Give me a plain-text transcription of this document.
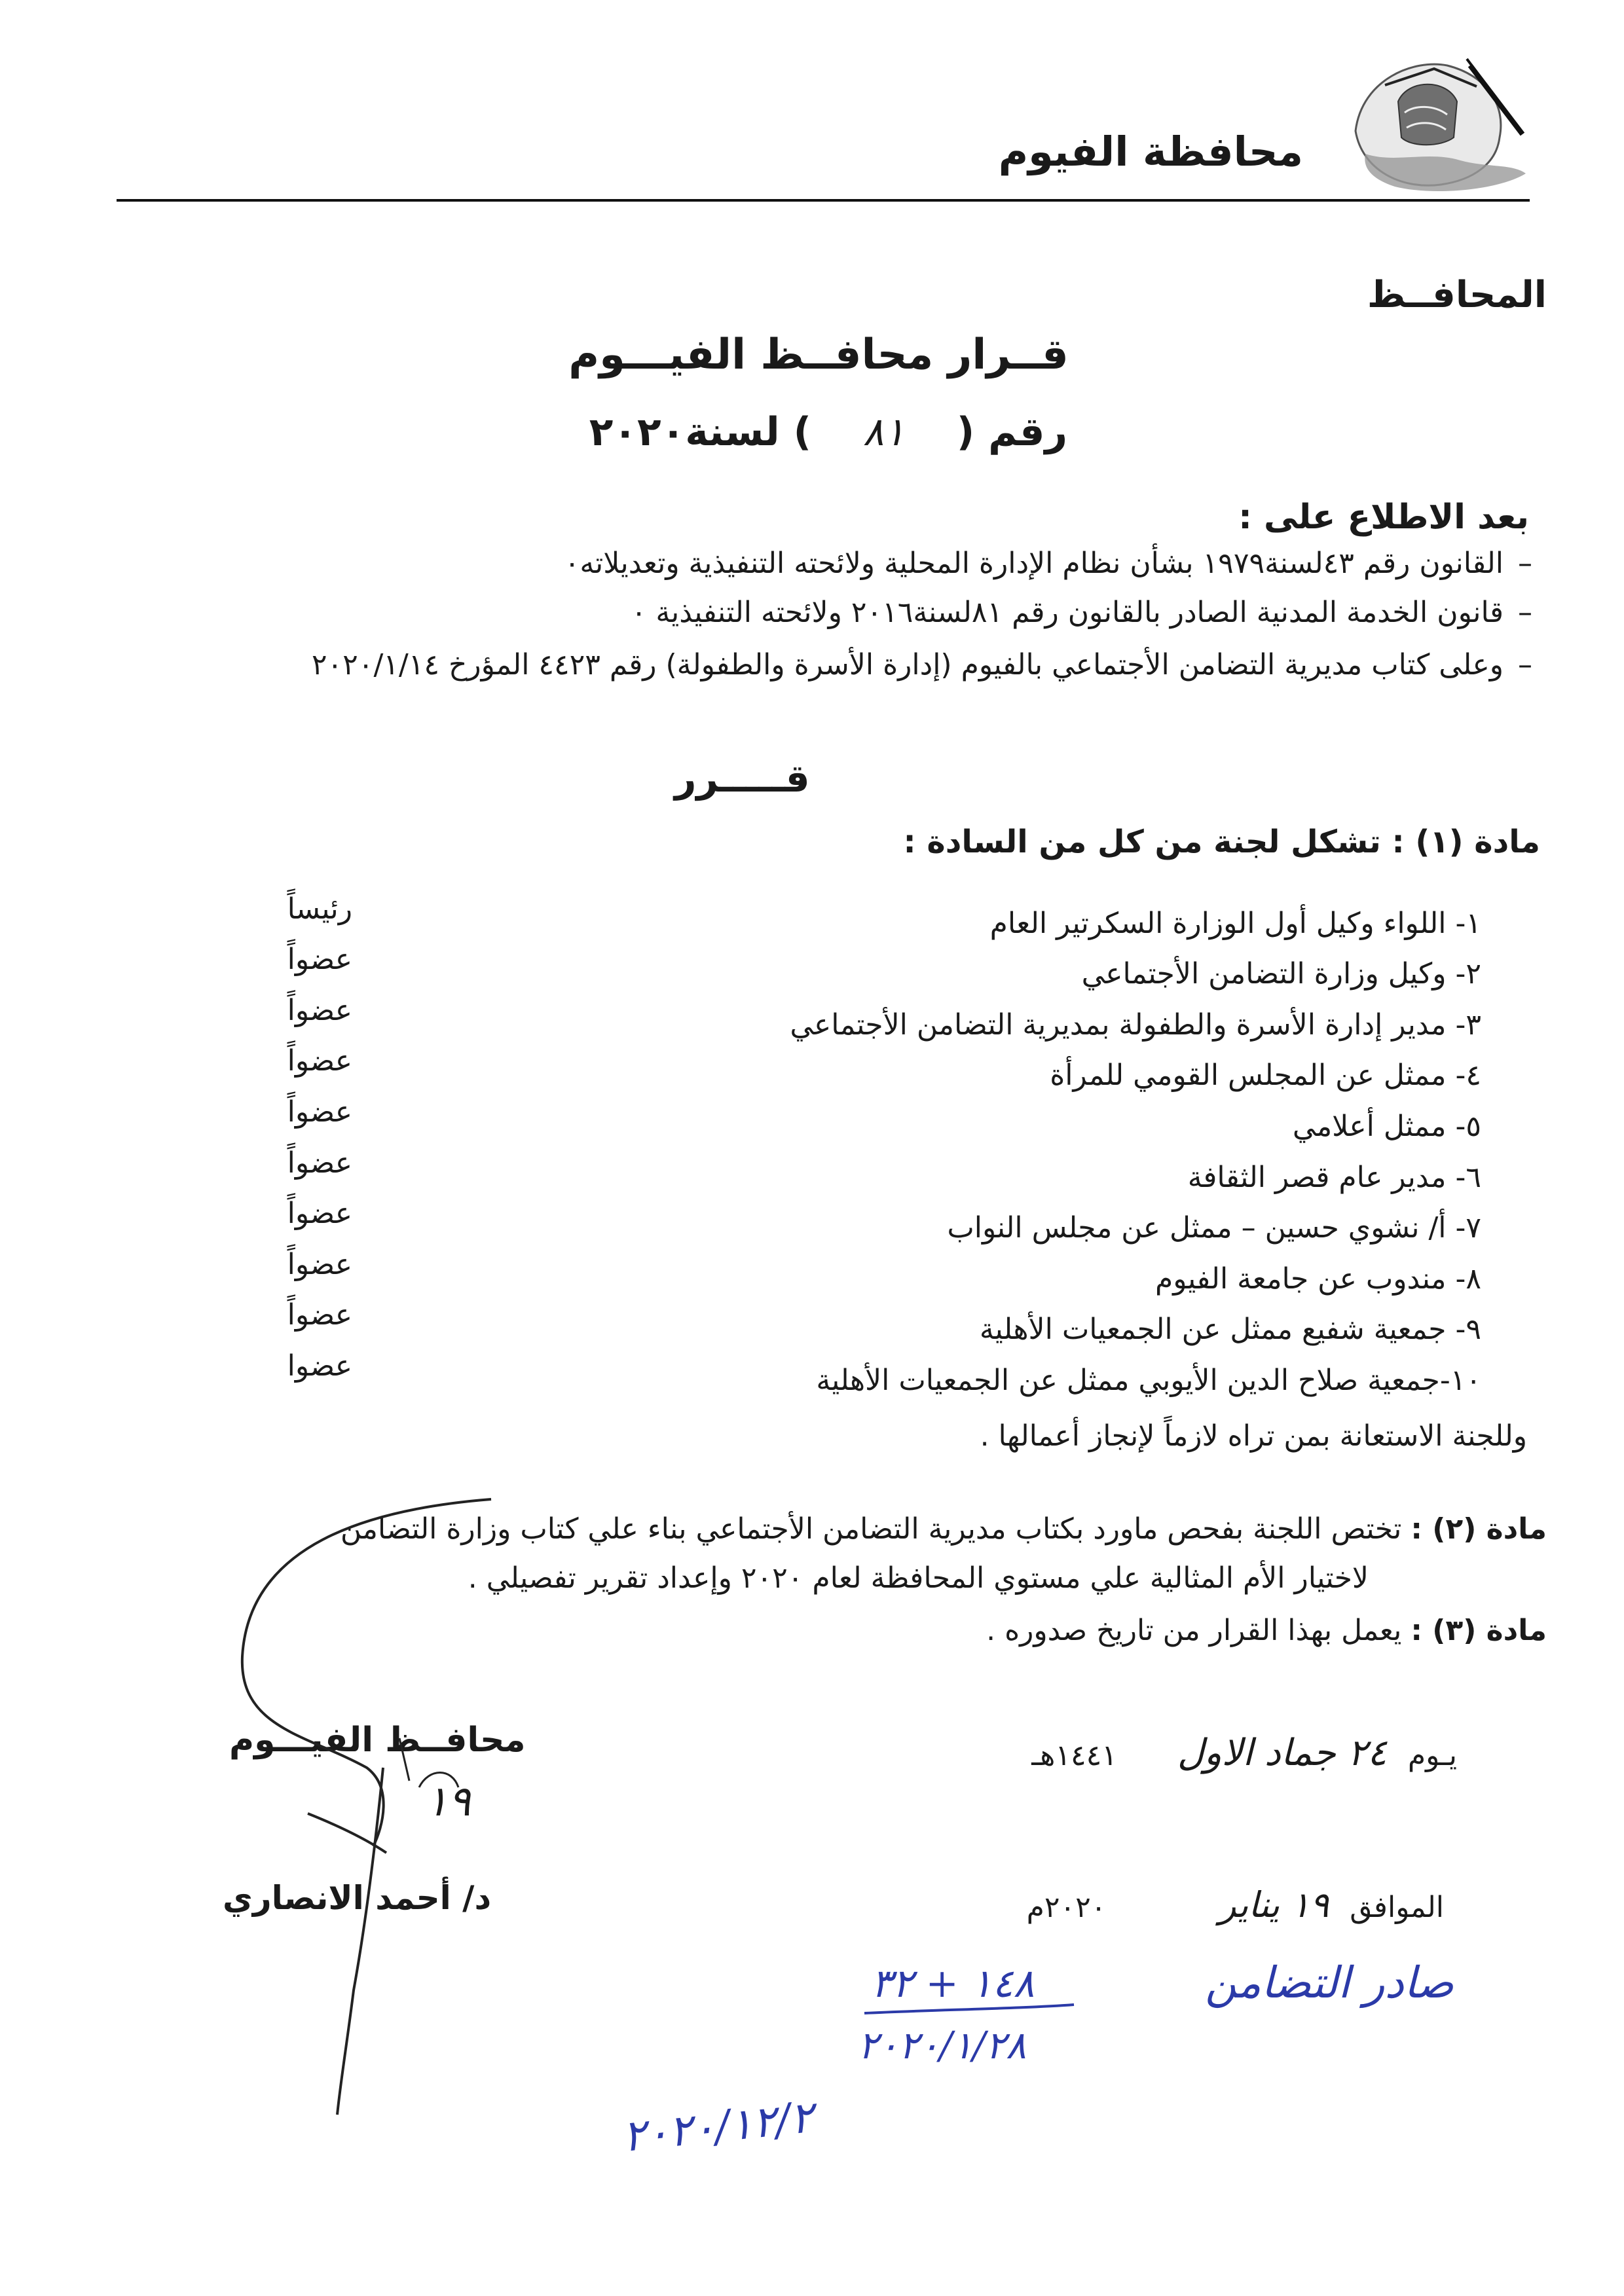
محافظة الفيوم
المحافــظ
قــرار محافــظ الفيـــوم
رقم ( ٨١ ) لسنة٢٠٢٠
بعد الاطلاع على :
–القانون رقم ٤٣لسنة١٩٧٩ بشأن نظام الإدارة المحلية ولائحته التنفيذية وتعديلاته٠
–قانون الخدمة المدنية الصادر بالقانون رقم ٨١لسنة٢٠١٦ ولائحته التنفيذية ٠
–وعلى كتاب مديرية التضامن الأجتماعي بالفيوم (إدارة الأسرة والطفولة) رقم ٤٤٢٣ المؤرخ ٢٠٢٠/١/١٤
قـــــرر
مادة (١) : تشكل لجنة من كل من السادة :
١- اللواء وكيل أول الوزارة السكرتير العام
رئيساً
٢- وكيل وزارة التضامن الأجتماعي
عضواً
٣- مدير إدارة الأسرة والطفولة بمديرية التضامن الأجتماعي
عضواً
٤- ممثل عن المجلس القومي للمرأة
عضواً
٥- ممثل أعلامي
عضواً
٦- مدير عام قصر الثقافة
عضواً
٧- أ/ نشوي حسين – ممثل عن مجلس النواب
عضواً
٨- مندوب عن جامعة الفيوم
عضواً
٩- جمعية شفيع ممثل عن الجمعيات الأهلية
عضواً
١٠-جمعية صلاح الدين الأيوبي ممثل عن الجمعيات الأهلية
عضوا
وللجنة الاستعانة بمن تراه لازماً لإنجاز أعمالها .
مادة (٢) : تختص اللجنة بفحص ماورد بكتاب مديرية التضامن الأجتماعي بناء علي كتاب وزارة التضامن
لاختيار الأم المثالية علي مستوي المحافظة لعام ٢٠٢٠ وإعداد تقرير تفصيلي .
مادة (٣) : يعمل بهذا القرار من تاريخ صدوره .
يـوم ٢٤ جماد الاول ١٤٤١هـ
الموافق ١٩ يناير ٢٠٢٠م
محافــظ الفيـــوم
١٩
د/ أحمد الانصاري
صادر التضامن
١٤٨ + ٣٢
٢٠٢٠/١/٢٨
٢٠٢٠/١٢/٢
